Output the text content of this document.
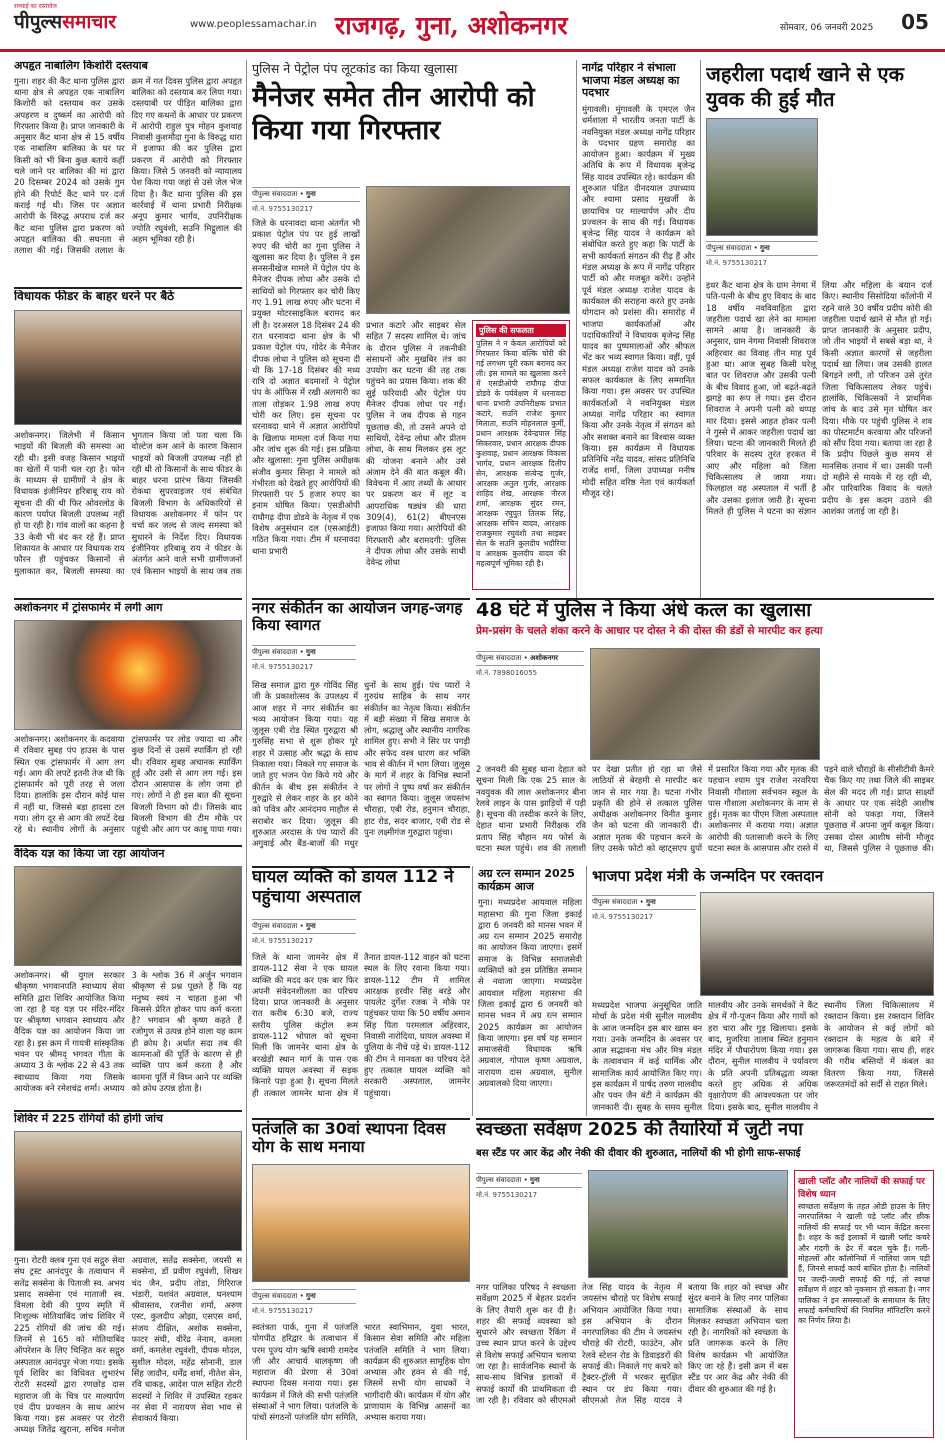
सच्चाई का दस्तावेज
पीपुल्ससमाचार	www.peoplessamachar.in राजगढ़, गुना, अशोकनगर	सोमवार, 06 जनवरी 2025	05
अपहृत नाबालिग किशोरी दस्तयाब
गुना। शहर की कैंट थाना पुलिस द्वारा थाना क्षेत्र से अपहृत एक नाबालिग किशोरी को दस्तयाब कर उसके अपहरण व दुष्कर्म का आरोपी को गिरफ्तार किया है। प्राप्त जानकारी के अनुसार कैंट थाना क्षेत्र से 15 वर्षीय एक नाबालिग बालिका के घर पर किसी को भी बिना कुछ बताये कहीं चले जाने पर बालिका की मां द्वारा 20 दिसम्बर 2024 को उसके गुम होने की रिपोर्ट कैंट थाने पर दर्ज कराई गई थी। जिस पर अज्ञात आरोपी के विरुद्ध अपराध दर्ज कर कैंट थाना पुलिस द्वारा प्रकरण को अपहृत बालिका की सघनता से तलाश की गई। जिसकी तलाश के क्रम में गत दिवस पुलिस द्वारा अपहृत बालिका को दस्तयाब कर लिया गया। दस्तयाबी पर पीड़ित बालिका द्वारा दिए गए कथनों के आधार पर प्रकरण में आरोपी राहुल पुत्र मोहन कुशवाह निवासी कुशमौदा गुना के विरुद्ध धारा में इजाफा की कर पुलिस द्वारा प्रकरण में आरोपी को गिरफ्तार किया। जिसे 5 जनवरी को न्यायालय पेश किया गया जहां से उसे जेल भेज दिया है। कैंट थाना पुलिस की इस कार्रवाई में थाना प्रभारी निरीक्षक अनूप कुमार भार्गव, उपनिरीक्षक ज्योति रघुवंशी, सउनि मिट्ठूलाल की अहम भूमिका रही है।
विधायक फीडर के बाहर धरने पर बैठे
अशोकनगर। जिलेभी में किसान भाइयों की बिजली की समस्या आ रही थी। इसी वजह किसान भाइयों का खेतों में पानी चल रहा है। फोन के माध्यम से ग्रामीणों ने क्षेत्र के विधायक इंजीनियर हरिबाबू राय को सूचना दी की थी फिर ओवरलोड के कारण पर्याप्त बिजली उपलब्ध नहीं हो पा रही है। गांव वालों का कहना है 33 केवी भी बंद कर रहे हैं। प्राप्त शिकायत के आधार पर विधायक राय फौरन ही पहुंचकर किसानों से मुलाकात कर, बिजली समस्या का भुगतान किया जो पता चला कि वोल्टेज कम आने के कारण किसान भाइयों को बिजली उपलब्ध नहीं हो रही थी तो किसानों के साथ फीडर के बाहर धरना प्रारंभ किया जिसकी रोकथा सुपरवाइजर एवं संबंधित बिजली विभाग के अधिकारियों से विधायक अशोकनगर में फोन पर चर्चा कर जल्द से जल्द समस्या को सुधारने के निर्देश दिए। विधायक इंजीनियर हरिबाबू राय ने फीडर के अंतर्गत आने वाले सभी ग्रामीणजनों एवं किसान भाइयों के साथ जब तक
अशोकनगर में ट्रांसफार्मर में लगी आग
अशोकनगर। अशोकनगर के कदवाया में रविवार सुबह पंप हाउस के पास स्थित एक ट्रांसफार्मर में आग लग गई। आग की लपटें इतनी तेज थी कि ट्रांसफार्मर को पूरी तरह से जला दिया। हालांकि इस दौरान कोई घास में नहीं था, जिससे बड़ा हादसा टल गया। लोग दूर से आग की लपटें देख रहे थे। स्थानीय लोगों के अनुसार ट्रांसफार्मर पर लोड ज्यादा था और कुछ दिनों से उसमें स्पार्किंग हो रही थी। रविवार सुबह अचानक स्पार्किंग हुई और उसी से आग लग गई। इस दौरान आसपास के लोग जमा हो गए। लोगों ने ही इस बात की सूचना बिजली विभाग को दी। जिसके बाद बिजली विभाग की टीम मौके पर पहुंची और आग पर काबू पाया गया।
वैदिक यज्ञ का किया जा रहा आयोजन
अशोकनगर। श्री युगल सरकार श्रीकृष्ण भगवानपति स्वाध्याय सेवा समिति द्वारा शिविर आयोजित किया जा रहा है यह यज्ञ पर मंदिर-मंदिर पर श्रीकृष्ण भगवान स्वाध्याय और वैदिक यज्ञ का आयोजन किया जा रहा है। इस क्रम में गायत्री सांस्कृतिक भवन पर श्रीमद् भगवत गीता के अध्याय 3 के श्लोक 22 से 43 तक स्वाध्याय किया गया जिसके आयोजक बने रमेशचंद्र शर्मा। अध्याय 3 के श्लोक 36 में अर्जुन भगवान श्रीकृष्ण से प्रश्न पूछते हैं कि यह मनुष्य स्वयं न चाहता हुआ भी किससे प्रेरित होकर पाप कर्म करता है? भगवान श्री कृष्ण कहते हैं रजोगुण से उत्पन्न होने वाला यह काम ही क्रोध है। अर्थात सदा तब की कामनाओं की पूर्ति के कारण से ही व्यक्ति पाप कर्म करता है और कामना पूर्ति में विघ्न आने पर व्यक्ति को क्रोध उत्पन्न होता है।
शिविर में 225 रोगियों की होगी जांच
गुना। रोटरी क्लब गुना एवं सद्गुरु सेवा संघ ट्रस्ट आनंदपुर के तत्वाधान में सतेंद्र सक्सेना के पिताजी स्व. अभय प्रसाद सक्सेना एवं माताजी स्व. विमला देवी की पुण्य स्मृति में निःशुल्क मोतियाबिंद जांच शिविर में 225 रोगियों की जांच की गई। जिनमें से 165 को मोतियाबिंद ऑपरेशन के लिए चिन्हित कर सद्गुरु अस्पताल आनंदपुर भेजा गया। इसके पूर्व शिविर का विधिवत शुभारंभ रोटरी सदस्यों द्वारा रणछोड़ दास महाराज जी के चित्र पर माल्यार्पण एवं दीप प्रज्वलन के साथ आरंभ किया गया। इस अवसर पर रोटरी अध्यक्ष जितेंद्र खुराना, सचिव मनोज अग्रवाल, सतेंद्र सक्सेना, जयसी स सक्सेना, डॉ प्रवीण रघुवंशी, शिखर चंद जैन, प्रदीप तोडा, गिरिराज भंडारी, यशवंत अग्रवाल, घनश्याम श्रीवास्तव, रजनीश शर्मा, अरुण एस्ट, कुलदीप ओझा, एसएस वर्मा, संजय दीक्षित, अशोक सक्सेना, फाटर संघी, वीरेंद्र नेनाम, कमला वर्मा, कमलेश रघुवंशी, दीपक मोदल, सुशील मोदल, महेंद्र सोनानी, डाल सिंह जादौन, धर्मेंद्र शर्मा, नीतेश सेन, रवि धाकड़, आदेश पाल सहित रोटरी सदस्यों ने शिविर में उपस्थित रहकर नर सेवा में नारायण सेवा भाव से सेवाकार्य किया।
पुलिस ने पेट्रोल पंप लूटकांड का किया खुलासा
मैनेजर समेत तीन आरोपी को किया गया गिरफ्तार
पीपुल्स संवाददाता • गुना
मो.नं. 9755130217
जिले के धरनावदा थाना अंतर्गत भी प्रकाश पेट्रोल पंप पर हुई लाखों रुपए की चोरी का गुना पुलिस ने खुलासा कर दिया है। पुलिस ने इस सनसनीखेज मामले में पेट्रोल पंप के मैनेजर दीपक लोधा और उसके दो साथियों को गिरफ्तार कर चोरी किए गए 1.91 लाख रुपए और घटना में प्रयुक्त मोटरसाइकिल बरामद कर ली है। दरअसल 18 दिसंबर 24 की रात धरनावदा थाना क्षेत्र के भी प्रकाश पेट्रोल पंप, गोदेर के मैनेजर दीपक लोधा ने पुलिस को सूचना दी थी कि 17-18 दिसंबर की मध्य रात्रि दो अज्ञात बदमाशों ने पेट्रोल पंप के ऑफिस में रखी अलमारी का ताला तोड़कर 1.98 लाख रुपए चोरी कर लिए। इस सूचना पर धरनावदा थाने में अज्ञात आरोपियों के खिलाफ मामला दर्ज किया गया और जांच शुरू की गई। इस प्रक्रिया और खुलासा: गुना पुलिस अधीक्षक संजीव कुमार सिन्हा ने मामले को गंभीरता को देखते हुए आरोपियों की गिरफ्तारी पर 5 हजार रुपए का इनाम घोषित किया। एसडीओपी राघौगढ़ दीपा डोडवे के नेतृत्व में एक विशेष अनुसंधान दल (एसआईटी) गठित किया गया। टीम में धरनावदा थाना प्रभारी
प्रभात कटारे और साइबर सेल सहित 7 सदस्य शामिल थे। जांच के दौरान पुलिस ने तकनीकी संसाधनों और मुखबिर तंत्र का उपयोग कर घटना की तह तक पहुंचने का प्रयास किया। शक की सुई फरियादी और पेट्रोल पंप मैनेजर दीपक लोधा पर गई। पुलिस ने जब दीपक से गहन पूछताछ की, तो उसने अपने दो साथियों, देवेन्द्र लोधा और प्रीतम लोधा, के साथ मिलकर इस लूट की योजना बनाने और उसे अंजाम देने की बात कबूल की। विवेचना में आए तथ्यों के आधार पर प्रकरण कर में लूट व आपराधिक षड्यंत्र की धारा 309(4), 61(2) बीएनएस इजाफा किया गया। आरोपियों की गिरफ्तारी और बरामदगी: पुलिस ने दीपक लोधा और उसके साथी देवेन्द्र लोधा
पुलिस की सफलता
पुलिस ने न केवल आरोपियों को गिरफ्तार किया बल्कि चोरी की गई लगभग पूरी रकम बरामद कर ली। इस मामले का खुलासा करने में एसडीओपी राघौगढ़ दीपा डोडवे के पर्यवेक्षण में धरनावदा थाना प्रभारी उपनिरीक्षक प्रभात कटारे, सउनि राजेश कुमार मिलाता, सउनि मोहनलाल कुर्मी, प्रधान आरक्षक देवेन्द्रपाल सिंह सिकरवार, प्रधान आरक्षक दीपक कुशवाह, प्रधान आरक्षक विकास भार्गव, प्रधान आरक्षक दिलीप सेन, आरक्षक सत्येन्द्र गुर्जर, आरक्षक अतुल गुर्जर, आरक्षक शाहिद शेख, आरक्षक नीरज शर्मा, आरक्षक सुंदर रमन, आरक्षक रघुपुत तिलक सिंह, आरक्षक सचिन यादव, आरक्षक राजकुमार रघुवंशी तथा साइबर सेल के सउनि कुलदीप भदौरिया व आरक्षक कुलदीप यादव की महत्वपूर्ण भूमिका रही है।
नागेंद्र परिहार ने संभाला भाजपा मंडल अध्यक्ष का पदभार
मुंगावली। मुंगावली के एमएल जैन धर्मशाला में भारतीय जनता पार्टी के नवनियुक्त मंडल अध्यक्ष नागेंद्र परिहार के पदभार ग्रहण समारोह का आयोजन हुआ। कार्यक्रम में मुख्य अतिथि के रूप में विधायक बृजेन्द्र सिंह यादव उपस्थित रहे। कार्यक्रम की शुरुआत पंडित दीनदयाल उपाध्याय और श्यामा प्रसाद मुखर्जी के छायाचित्र पर माल्यार्पण और दीप प्रज्वलन के साथ की गई। विधायक बृजेन्द्र सिंह यादव ने कार्यक्रम को संबोधित करते हुए कहा कि पार्टी के सभी कार्यकर्ता संगठन की रीढ़ हैं और मंडल अध्यक्ष के रूप में नागेंद्र परिहार पार्टी को और मजबूत करेंगे। उन्होंने पूर्व मंडल अध्यक्ष राजेश यादव के कार्यकाल की सराहना करते हुए उनके योगदान को प्रशंसा की। समारोह में भाजपा कार्यकर्ताओं और पदाधिकारियों ने विधायक बृजेन्द्र सिंह यादव का पुष्पमालाओं और श्रीफल भेंट कर भव्य स्वागत किया। वहीं, पूर्व मंडल अध्यक्ष राजेश यादव को उनके सफल कार्यकाल के लिए सम्मानित किया गया। इस अवसर पर उपस्थित कार्यकर्ताओं ने नवनियुक्त मंडल अध्यक्ष नागेंद्र परिहार का स्वागत किया और उनके नेतृत्व में संगठन को और सशक्त बनाने का विश्वास व्यक्त किया। इस कार्यक्रम में विधायक प्रतिनिधि नरेंद्र यादव, सांसद प्रतिनिधि राजेंद्र शर्मा, जिला उपाध्यक्ष मनीष मोदी सहित वरिष्ठ नेता एवं कार्यकर्ता मौजूद रहे।
जहरीला पदार्थ खाने से एक युवक की हुई मौत
पीपुल्स संवाददाता • गुना
मो.नं. 9755130217
इधर कैंट थाना क्षेत्र के ग्राम नेगमा में पति-पत्नी के बीच हुए विवाद के बाद 18 वर्षीय नवविवाहिता द्वारा जहरीला पदार्थ खा लेने का मामला सामने आया है। जानकारी के अनुसार, ग्राम नेगमा निवासी शिवराज अहिरवार का विवाह तीन माह पूर्व हुआ था। आज सुबह किसी घरेलू बात पर शिवराज और उसकी पत्नी के बीच विवाद हुआ, जो बढ़ते-बढ़ते झगड़े का रूप ले गया। इस दौरान शिवराज ने अपनी पत्नी को थप्पड़ मार दिया। इससे आहत होकर पत्नी ने गुस्से में आकर जहरीला पदार्थ खा लिया। घटना की जानकारी मिलते ही परिवार के सदस्य तुरंत हरकत में आए और महिला को जिला चिकित्सालय ले जाया गया। फिलहाल वह अस्पताल में भर्ती है और उसका इलाज जारी है। सूचना मिलते ही पुलिस ने घटना का संज्ञान लिया और महिला के बयान दर्ज किए। स्थानीय सिसोदिया कॉलोनी में रहने वाले 30 वर्षीय प्रदीप कोरी की जहरीला पदार्थ खाने से मौत हो गई। प्राप्त जानकारी के अनुसार प्रदीप, जो तीन भाइयों में सबसे बड़ा था, ने किसी अज्ञात कारणों से जहरीला पदार्थ खा लिया। जब उसकी हालत बिगड़ने लगी, तो परिजन उसे तुरंत जिला चिकित्सालय लेकर पहुंचे। हालांकि, चिकित्सकों ने प्राथमिक जांच के बाद उसे मृत घोषित कर दिया। मौके पर पहुंची पुलिस ने शव का पोस्टमार्टम करवाया और परिजनों को सौंप दिया गया। बताया जा रहा है कि प्रदीप पिछले कुछ समय से मानसिक तनाव में था। उसकी पत्नी दो महीने से मायके में रह रही थी, और पारिवारिक विवाद के चलते प्रदीप के इस कदम उठाने की आशंका जताई जा रही है।
नगर संकीर्तन का आयोजन जगह-जगह किया स्वागत
पीपुल्स संवाददाता • गुना
मो.नं. 9755130217
सिख समाज द्वारा गुरु गोविंद सिंह जी के प्रकाशोत्सव के उपलक्ष्य में आज शहर में नगर संकीर्तन का भव्य आयोजन किया गया। यह जुलूस एबी रोड स्थित गुरुद्वारा श्री गुरुसिंह सभा से शुरू होकर पूरे शहर में उत्साह और श्रद्धा के साथ निकाला गया। निकले गए समाज के जाते हुए भजन पेश किये गये और कीर्तन के बीच इस संकीर्तन ने गुरुद्वारे से लेकर शहर के हर कोने को पवित्र और आनंदमय माहौल से सराबोर कर दिया। जुलूस की शुरुआत अरदास के पंच प्यारों की अगुवाई और बैंड-बाजों की मधुर धुनों के साथ हुई। पंच प्यारों ने गुरुग्रंथ साहिब के साथ नगर संकीर्तन का नेतृत्व किया। संकीर्तन में बड़ी संख्या में सिख समाज के लोग, श्रद्धालु और स्थानीय नागरिक शामिल हुए। सभी ने सिर पर पगड़ी और सफेद वस्त्र धारण कर भक्ति भाव से कीर्तन में भाग लिया। जुलूस के मार्ग में शहर के विभिन्न स्थानों पर लोगों ने पुष्प वर्षा कर संकीर्तन का स्वागत किया। जुलूस जयस्तंभ चौराहा, एबी रोड, हनुमान चौराहा, हाट रोड, सदर बाजार, एबी रोड से पुनः लक्ष्मीगंज गुरुद्वारा पहुंचा।
48 घंटे में पुलिस ने किया अंधे कत्ल का खुलासा
प्रेम-प्रसंग के चलते शंका करने के आधार पर दोस्त ने की दोस्त की डंडों से मारपीट कर हत्या
पीपुल्स संवाददाता • अशोकनगर
मो.नं. 7898016055
2 जनवरी की सुबह थाना देहात को सूचना मिली कि एक 25 साल के नवयुवक की लाश अशोकनगर बीना रेलवे लाइन के पास झाड़ियों में पड़ी है। सूचना की तस्दीक करने के लिए, देहात थाना प्रभारी निरीक्षक रवि प्रताप सिंह चौहान मय फोर्स के घटना स्थल पहुंचे। शव की तलाशी पर देखा प्रतीत हो रहा था जैसे लाठियों से बेरहमी से मारपीट कर जान से मार गया है। घटना गंभीर प्रकृति की होने से तत्काल पुलिस अधीक्षक अशोकनगर विनीत कुमार जैन को घटना की जानकारी दी। अज्ञात मृतक की पहचान करने के लिए उसके फोटो को व्हाट्सएप ग्रुपों में प्रसारित किया गया और मृतक की पहचान श्याम पुत्र राजेश नरवरिया निवासी गौशाला सर्वभवन स्कूल के पास गौशाला अशोकनगर के नाम से हुई। मृतक का पीएम जिला अस्पताल अशोकनगर में कराया गया। अज्ञात आरोपी की पतासाजी करने के लिए घटना स्थल के आसपास और रास्ते में पड़ने वाले चौराहों के सीसीटीवी कैमरे चैक किए गए तथा जिले की साइबर सेल की मदद ली गई। प्राप्त साक्ष्यों के आधार पर एक संदेही आशीष सोनी को पकड़ा गया, जिसने पूछताछ में अपना जुर्म कबूल किया। उसका दोस्त आशीष सोनी मौजूद था, जिससे पुलिस ने पूछताछ की।
घायल व्यक्ति को डायल 112 ने पहुंचाया अस्पताल
पीपुल्स संवाददाता • गुना
मो.नं. 9755130217
जिले के थाना जामनेर क्षेत्र में डायल-112 सेवा ने एक घायल व्यक्ति की मदद कर एक बार फिर अपनी संवेदनशीलता का परिचय दिया। प्राप्त जानकारी के अनुसार रात करीब 6:30 बजे, राज्य स्तरीय पुलिस कंट्रोल रूम डायल-112 भोपाल को सूचना मिली कि जामनेर थाना क्षेत्र के बरखेड़ी स्थान मार्ग के पास एक व्यक्ति घायल अवस्था में सड़क किनारे पड़ा हुआ है। सूचना मिलते ही तत्काल जामनेर थाना क्षेत्र में तैनात डायल-112 वाहन को घटना स्थल के लिए रवाना किया गया। डायल-112 टीम में शामिल आरक्षक हरवीर सिंह बरड़े और पायलेट दुर्गेश रजक ने मौके पर पहुंचकर पाया कि 50 वर्षीय अमान सिंह पिता परमलाल अहिरवार, निवासी नारोदिया, घायल अवस्था में पुलिया के नीचे पड़े थे। डायल-112 की टीम ने मानवता का परिचय देते हुए तत्काल घायल व्यक्ति को सरकारी अस्पताल, जामनेर पहुंचाया।
अग्र रत्न सम्मान 2025 कार्यक्रम आज
गुना। मध्यप्रदेश आयवाल महिला महासभा की गुना जिला इकाई द्वारा 6 जनवरी को मानस भवन में अग्र रत्न सम्मान 2025 समारोह का आयोजन किया जाएगा। इसमें समाज के विभिन्न समाजसेवी व्यक्तियों को इस प्रतिष्ठित सम्मान से नवाजा जाएगा। मध्यप्रदेश आयवाल महिला महासभा की जिला इकाई द्वारा 6 जनवरी को मानस भवन में अग्र रत्न सम्मान 2025 कार्यक्रम का आयोजन किया जाएगा। इस वर्ष यह सम्मान समाजसेवी विधायक ऋषि अग्रवाल, गोपाल कृष्ण अग्रवाल, नारायण दास अग्रवाल, सुनील अग्रवालको दिया जाएगा।
भाजपा प्रदेश मंत्री के जन्मदिन पर रक्तदान
पीपुल्स संवाददाता • गुना
मो.नं. 9755130217
मध्यप्रदेश भाजपा अनुसूचित जाति मोर्चा के प्रदेश मंत्री सुनील मालवीय के आज जन्मदिन इस बार खास बन गया। उनके जन्मदिन के अवसर पर आज सद्भावना मंच और मित्र मंडल के तत्वावधान में कई धार्मिक और सामाजिक कार्य आयोजित किए गए। इस कार्यक्रम में पार्षद तरुण मालवीय और पवन जैन बंटी ने कार्यक्रम की जानकारी दी। सुबह के समय सुनील मालवीय और उनके समर्थकों ने कैंट क्षेत्र में गौ-पूजन किया और गायों को हरा चारा और गुड़ खिलाया। इसके बाद, मुजरिया तालाब स्थित हनुमान मंदिर में पौधारोपण किया गया। इस दौरान, सुनील मालवीय ने पर्यावरण के प्रति अपनी प्रतिबद्धता व्यक्त करते हुए अधिक से अधिक वृक्षारोपण की आवश्यकता पर जोर दिया। इसके बाद, सुनील मालवीय ने स्थानीय जिला चिकित्सालय में रक्तदान किया। इस रक्तदान शिविर के आयोजन से कई लोगों को रक्तदान के महत्व के बारे में जागरूक किया गया। साथ ही, शहर की गरीब बस्तियों में कंबल का वितरण किया गया, जिससे जरूरतमंदों को सर्दी से राहत मिले।
पतंजलि का 30वां स्थापना दिवस योग के साथ मनाया
पीपुल्स संवाददाता • गुना
मो.नं. 9755130217
स्वतंत्रता पार्क, गुना में पतंजलि योगपीठ हरिद्वार के तत्वाधान में परम पूज्य योग ऋषि स्वामी रामदेव जी और आचार्य बालकृष्ण जी महाराज की प्रेरणा से 30वां स्थापना दिवस मनाया गया। इस कार्यक्रम में जिले की सभी पतंजलि संस्थाओं ने भाग लिया। पतंजलि के पांचों संगठनों पतंजलि योग समिति, भारत स्वाभिमान, युवा भारत, किसान सेवा समिति और महिला पतंजलि समिति ने भाग लिया। कार्यक्रम की शुरुआत सामूहिक योग अभ्यास और हवन से की गई, जिसमें सभी योग साधकों ने भागीदारी की। कार्यक्रम में योग और प्राणायाम के विभिन्न आसनों का अभ्यास कराया गया।
स्वच्छता सर्वेक्षण 2025 की तैयारियों में जुटी नपा
बस स्टैंड पर आर केंद्र और नेकी की दीवार की शुरुआत, नालियों की भी होगी साफ-सफाई
पीपुल्स संवाददाता • गुना
मो.नं. 9755130217
नगर पालिका परिषद ने स्वच्छता सर्वेक्षण 2025 में बेहतर प्रदर्शन के लिए तैयारी शुरू कर दी है। शहर की सफाई व्यवस्था को सुधारने और स्वच्छता रैंकिंग में उच्च स्थान प्राप्त करने के उद्देश्य से विशेष सफाई अभियान चलाया जा रहा है। सार्वजनिक स्थानों के साथ-साथ विभिन्न इलाकों में सफाई कार्यों की प्राथमिकता दी जा रही है। रविवार को सीएमओ तेज सिंह यादव के नेतृत्व में जयस्तंभ चौराहे पर विशेष सफाई अभियान आयोजित किया गया। इस अभियान के दौरान नगरपालिका की टीम ने जयस्तंभ चौराहे की रोटरी, फाउंटेन, और रेलवे स्टेशन रोड के डिवाइडरों की सफाई की। निकाले गए कचरे को ट्रैक्टर-ट्रॉली में भरकर सुरक्षित स्थान पर डंप किया गया। सीएमओ तेज सिंह यादव ने बताया कि शहर को स्वच्छ और सुंदर बनाने के लिए नगर पालिका सामाजिक संस्थाओं के साथ मिलकर स्वच्छता अभियान चला रही है। नागरिकों को स्वच्छता के प्रति जागरूक करने के लिए विशेष कार्यक्रम भी आयोजित किए जा रहे हैं। इसी क्रम में बस स्टैंड पर आर केंद्र और नेकी की दीवार की शुरुआत की गई है।
खाली प्लॉट और नालियों की सफाई पर विशेष ध्यान
स्वच्छता सर्वेक्षण के तहत ओडी हाउस के लिए नगरपालिका ने खाली पड़े प्लॉट और छीक नालियों की सफाई पर भी ध्यान केंद्रित करना है। शहर के कई इलाकों में खाली प्लॉट कचरे और गंदगी के ढेर में बदल चुके हैं। गली-मोहल्लों और कॉलोनियों में नालियां जाम पड़ी हैं, जिनसे सफाई कार्य बाधित होता है। नालियों पर जल्दी-जल्दी सफाई की गई, तो स्वच्छ सर्वेक्षण में शहर को नुकसान हो सकता है। नगर पालिका ने इन समस्याओं के समाधान के लिए सफाई कर्मचारियों की नियमित मॉनिटरिंग करने का निर्णय लिया है।
